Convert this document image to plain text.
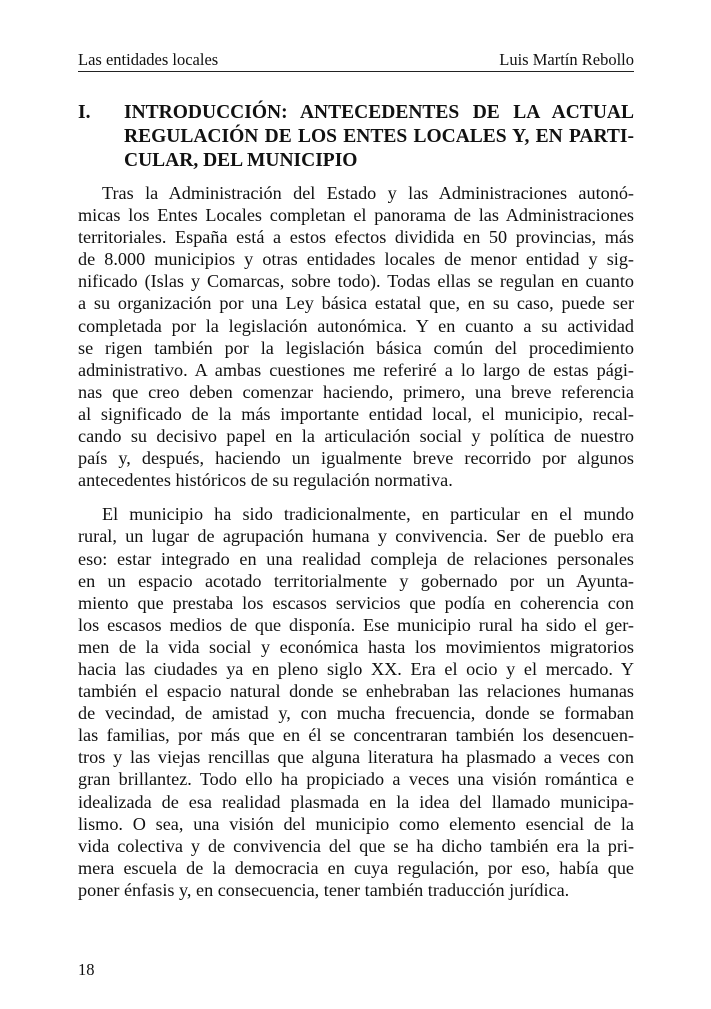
Las entidades locales	Luis Martín Rebollo
I. INTRODUCCIÓN: ANTECEDENTES DE LA ACTUAL
REGULACIÓN DE LOS ENTES LOCALES Y, EN PARTI-
CULAR, DEL MUNICIPIO
Tras la Administración del Estado y las Administraciones autonó-
micas los Entes Locales completan el panorama de las Administraciones
territoriales. España está a estos efectos dividida en 50 provincias, más
de 8.000 municipios y otras entidades locales de menor entidad y sig-
nificado (Islas y Comarcas, sobre todo). Todas ellas se regulan en cuanto
a su organización por una Ley básica estatal que, en su caso, puede ser
completada por la legislación autonómica. Y en cuanto a su actividad
se rigen también por la legislación básica común del procedimiento
administrativo. A ambas cuestiones me referiré a lo largo de estas pági-
nas que creo deben comenzar haciendo, primero, una breve referencia
al significado de la más importante entidad local, el municipio, recal-
cando su decisivo papel en la articulación social y política de nuestro
país y, después, haciendo un igualmente breve recorrido por algunos
antecedentes históricos de su regulación normativa.
El municipio ha sido tradicionalmente, en particular en el mundo
rural, un lugar de agrupación humana y convivencia. Ser de pueblo era
eso: estar integrado en una realidad compleja de relaciones personales
en un espacio acotado territorialmente y gobernado por un Ayunta-
miento que prestaba los escasos servicios que podía en coherencia con
los escasos medios de que disponía. Ese municipio rural ha sido el ger-
men de la vida social y económica hasta los movimientos migratorios
hacia las ciudades ya en pleno siglo XX. Era el ocio y el mercado. Y
también el espacio natural donde se enhebraban las relaciones humanas
de vecindad, de amistad y, con mucha frecuencia, donde se formaban
las familias, por más que en él se concentraran también los desencuen-
tros y las viejas rencillas que alguna literatura ha plasmado a veces con
gran brillantez. Todo ello ha propiciado a veces una visión romántica e
idealizada de esa realidad plasmada en la idea del llamado municipa-
lismo. O sea, una visión del municipio como elemento esencial de la
vida colectiva y de convivencia del que se ha dicho también era la pri-
mera escuela de la democracia en cuya regulación, por eso, había que
poner énfasis y, en consecuencia, tener también traducción jurídica.
18
